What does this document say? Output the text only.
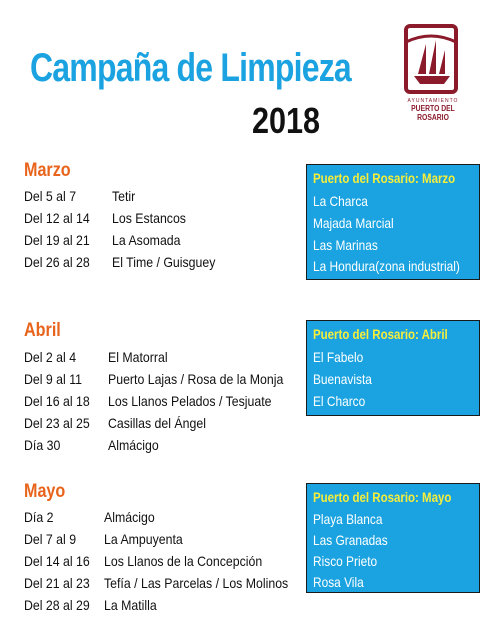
Campaña de Limpieza
2018	AYUNTAMIENTO
PUERTO DEL ROSARIO
Marzo
Del 5 al 7	Tetir
Del 12 al 14 Los Estancos
Del 19 al 21 La Asomada
Del 26 al 28 El Time / Guisguey
Puerto del Rosario: Marzo
La Charca
Majada Marcial
Las Marinas
La Hondura(zona industrial)
Abril
Del 2 al 4 El Matorral
Del 9 al 11 Puerto Lajas / Rosa de la Monja
Del 16 al 18 Los Llanos Pelados / Tesjuate
Del 23 al 25 Casillas del Ángel
Día 30	Almácigo
Puerto del Rosario: Abril
El Fabelo
Buenavista
El Charco
Mayo
Día 2	Almácigo
Del 7 al 9 La Ampuyenta
Del 14 al 16 Los Llanos de la Concepción
Del 21 al 23 Tefía / Las Parcelas / Los Molinos
Del 28 al 29 La Matilla
Puerto del Rosario: Mayo
Playa Blanca
Las Granadas
Risco Prieto
Rosa Vila
